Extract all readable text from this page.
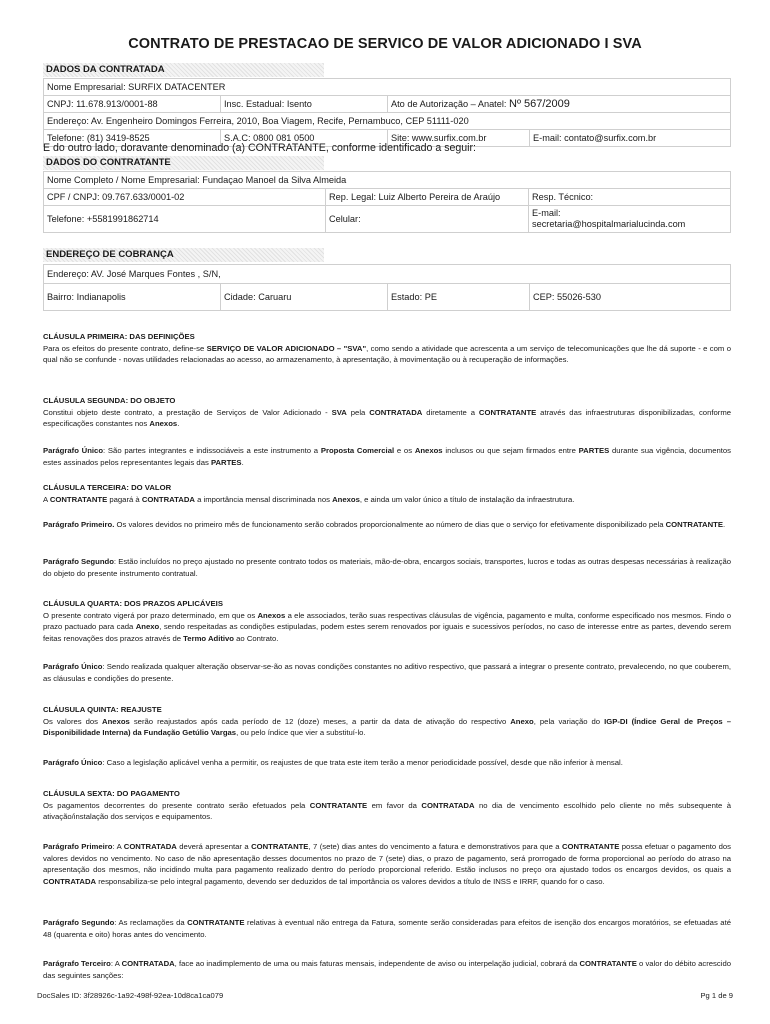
CONTRATO DE PRESTACAO DE SERVICO DE VALOR ADICIONADO I SVA
DADOS DA CONTRATADA
Nome Empresarial: SURFIX DATACENTER			
CNPJ: 11.678.913/0001-88	Insc. Estadual: Isento	Ato de Autorização – Anatel: Nº 567/2009	
Endereço: Av. Engenheiro Domingos Ferreira, 2010, Boa Viagem, Recife, Pernambuco, CEP 51111-020			
Telefone: (81) 3419-8525	S.A.C: 0800 081 0500	Site: www.surfix.com.br	E-mail: contato@surfix.com.br
E do outro lado, doravante denominado (a) CONTRATANTE, conforme identificado a seguir:
DADOS DO CONTRATANTE
Nome Completo / Nome Empresarial: Fundaçao Manoel da Silva Almeida		
CPF / CNPJ: 09.767.633/0001-02	Rep. Legal: Luiz Alberto Pereira de Araújo	Resp. Técnico:
Telefone: +5581991862714	Celular:	E-mail:
secretaria@hospitalmarialucinda.com
ENDEREÇO DE COBRANÇA
Endereço: AV. José Marques Fontes , S/N,
Bairro: Indianapolis	Cidade: Caruaru	Estado: PE	CEP: 55026-530
CLÁUSULA PRIMEIRA: DAS DEFINIÇÕES
Para os efeitos do presente contrato, define-se SERVIÇO DE VALOR ADICIONADO – "SVA", como sendo a atividade que acrescenta a um serviço de telecomunicações que lhe dá suporte - e com o qual não se confunde - novas utilidades relacionadas ao acesso, ao armazenamento, à apresentação, à movimentação ou à recuperação de informações.
CLÁUSULA SEGUNDA: DO OBJETO
Constitui objeto deste contrato, a prestação de Serviços de Valor Adicionado - SVA pela CONTRATADA diretamente a CONTRATANTE através das infraestruturas disponibilizadas, conforme especificações constantes nos Anexos.
Parágrafo Único: São partes integrantes e indissociáveis a este instrumento a Proposta Comercial e os Anexos inclusos ou que sejam firmados entre PARTES durante sua vigência, documentos estes assinados pelos representantes legais das PARTES.
CLÁUSULA TERCEIRA: DO VALOR
A CONTRATANTE pagará à CONTRATADA a importância mensal discriminada nos Anexos, e ainda um valor único a título de instalação da infraestrutura.
Parágrafo Primeiro. Os valores devidos no primeiro mês de funcionamento serão cobrados proporcionalmente ao número de dias que o serviço for efetivamente disponibilizado pela CONTRATANTE.
Parágrafo Segundo: Estão incluídos no preço ajustado no presente contrato todos os materiais, mão-de-obra, encargos sociais, transportes, lucros e todas as outras despesas necessárias à realização do objeto do presente instrumento contratual.
CLÁUSULA QUARTA: DOS PRAZOS APLICÁVEIS
O presente contrato vigerá por prazo determinado, em que os Anexos a ele associados, terão suas respectivas cláusulas de vigência, pagamento e multa, conforme especificado nos mesmos. Findo o prazo pactuado para cada Anexo, sendo respeitadas as condições estipuladas, podem estes serem renovados por iguais e sucessivos períodos, no caso de interesse entre as partes, devendo serem feitas renovações dos prazos através de Termo Aditivo ao Contrato.
Parágrafo Único: Sendo realizada qualquer alteração observar-se-ão as novas condições constantes no aditivo respectivo, que passará a integrar o presente contrato, prevalecendo, no que couberem, as cláusulas e condições do presente.
CLÁUSULA QUINTA: REAJUSTE
Os valores dos Anexos serão reajustados após cada período de 12 (doze) meses, a partir da data de ativação do respectivo Anexo, pela variação do IGP-DI (Índice Geral de Preços – Disponibilidade Interna) da Fundação Getúlio Vargas, ou pelo índice que vier a substituí-lo.
Parágrafo Único: Caso a legislação aplicável venha a permitir, os reajustes de que trata este item terão a menor periodicidade possível, desde que não inferior à mensal.
CLÁUSULA SEXTA: DO PAGAMENTO
Os pagamentos decorrentes do presente contrato serão efetuados pela CONTRATANTE em favor da CONTRATADA no dia de vencimento escolhido pelo cliente no mês subsequente à ativação/instalação dos serviços e equipamentos.
Parágrafo Primeiro: A CONTRATADA deverá apresentar a CONTRATANTE, 7 (sete) dias antes do vencimento a fatura e demonstrativos para que a CONTRATANTE possa efetuar o pagamento dos valores devidos no vencimento. No caso de não apresentação desses documentos no prazo de 7 (sete) dias, o prazo de pagamento, será prorrogado de forma proporcional ao período do atraso na apresentação dos mesmos, não incidindo multa para pagamento realizado dentro do período proporcional referido. Estão inclusos no preço ora ajustado todos os encargos devidos, os quais a CONTRATADA responsabiliza-se pelo integral pagamento, devendo ser deduzidos de tal importância os valores devidos a título de INSS e IRRF, quando for o caso.
Parágrafo Segundo: As reclamações da CONTRATANTE relativas à eventual não entrega da Fatura, somente serão consideradas para efeitos de isenção dos encargos moratórios, se efetuadas até 48 (quarenta e oito) horas antes do vencimento.
Parágrafo Terceiro: A CONTRATADA, face ao inadimplemento de uma ou mais faturas mensais, independente de aviso ou interpelação judicial, cobrará da CONTRATANTE o valor do débito acrescido das seguintes sanções:
DocSales ID: 3f28926c-1a92-498f-92ea-10d8ca1ca079	Pg 1 de 9
